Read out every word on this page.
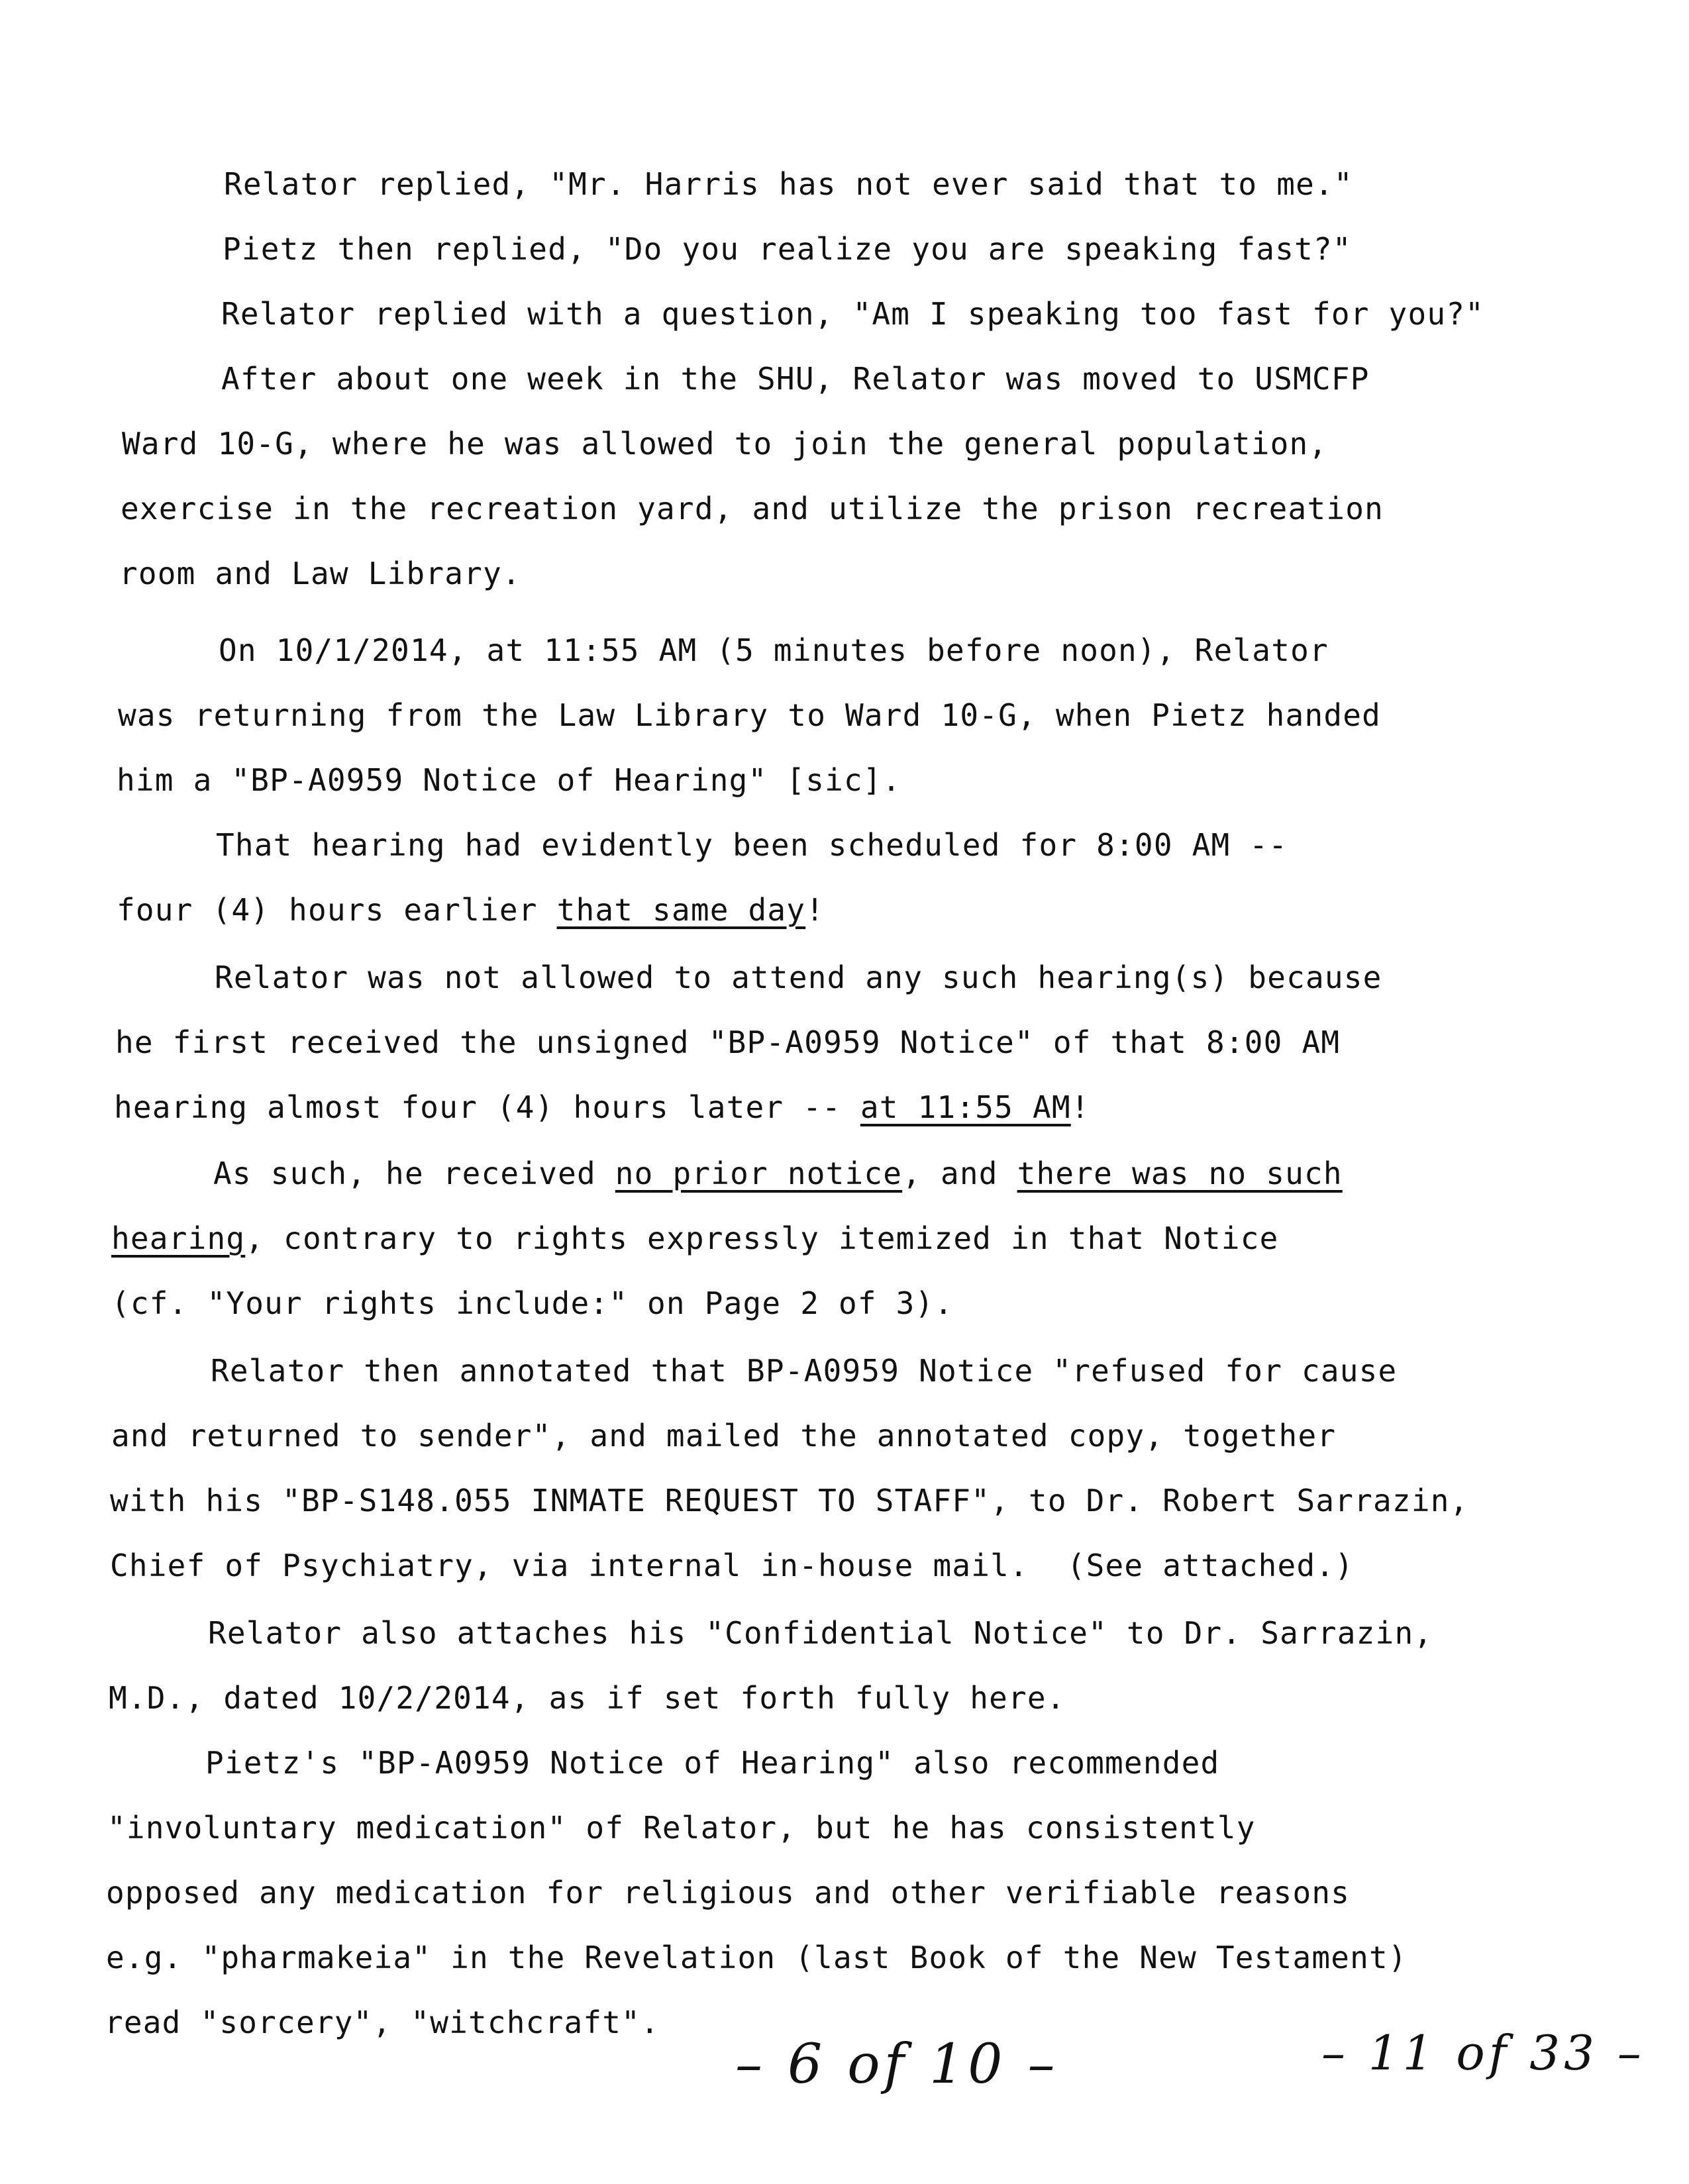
Relator replied, "Mr. Harris has not ever said that to me."

Pietz then replied, "Do you realize you are speaking fast?"

Relator replied with a question, "Am I speaking too fast for you?"

After about one week in the SHU, Relator was moved to USMCFP

Ward 10-G, where he was allowed to join the general population,

exercise in the recreation yard, and utilize the prison recreation

room and Law Library.

On 10/1/2014, at 11:55 AM (5 minutes before noon), Relator

was returning from the Law Library to Ward 10-G, when Pietz handed

him a "BP-A0959 Notice of Hearing" [sic].

That hearing had evidently been scheduled for 8:00 AM --

four (4) hours earlier that same day!

Relator was not allowed to attend any such hearing(s) because

he first received the unsigned "BP-A0959 Notice" of that 8:00 AM

hearing almost four (4) hours later -- at 11:55 AM!

As such, he received no prior notice, and there was no such

hearing, contrary to rights expressly itemized in that Notice

(cf. "Your rights include:" on Page 2 of 3).

Relator then annotated that BP-A0959 Notice "refused for cause

and returned to sender", and mailed the annotated copy, together

with his "BP-S148.055 INMATE REQUEST TO STAFF", to Dr. Robert Sarrazin,

Chief of Psychiatry, via internal in-house mail.  (See attached.)

Relator also attaches his "Confidential Notice" to Dr. Sarrazin,

M.D., dated 10/2/2014, as if set forth fully here.

Pietz's "BP-A0959 Notice of Hearing" also recommended

"involuntary medication" of Relator, but he has consistently

opposed any medication for religious and other verifiable reasons

e.g. "pharmakeia" in the Revelation (last Book of the New Testament)

read "sorcery", "witchcraft".

– 6 of 10 –	– 11 of 33 –
